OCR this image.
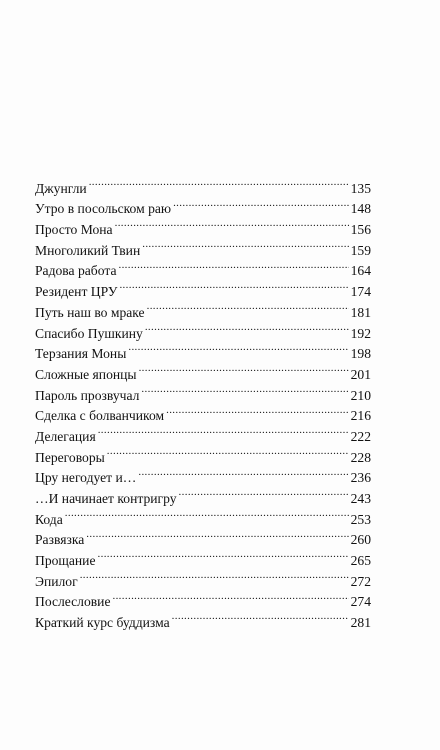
Джунгли . . .	135
Утро в посольском раю . . .	148
Просто Мона . . .	156
Многоликий Твин . . .	159
Радова работа . . .	164
Резидент ЦРУ . . .	174
Путь наш во мраке . . .	181
Спасибо Пушкину . . .	192
Терзания Моны . . .	198
Сложные японцы . . .	201
Пароль прозвучал . . .	210
Сделка с болванчиком . . .	216
Делегация . . .	222
Переговоры . . .	228
Цру негодует и… . . .	236
…И начинает контригру . . .	243
Кода . . .	253
Развязка . . .	260
Прощание . . .	265
Эпилог . . .	272
Послесловие . . .	274
Краткий курс буддизма . . .	281
